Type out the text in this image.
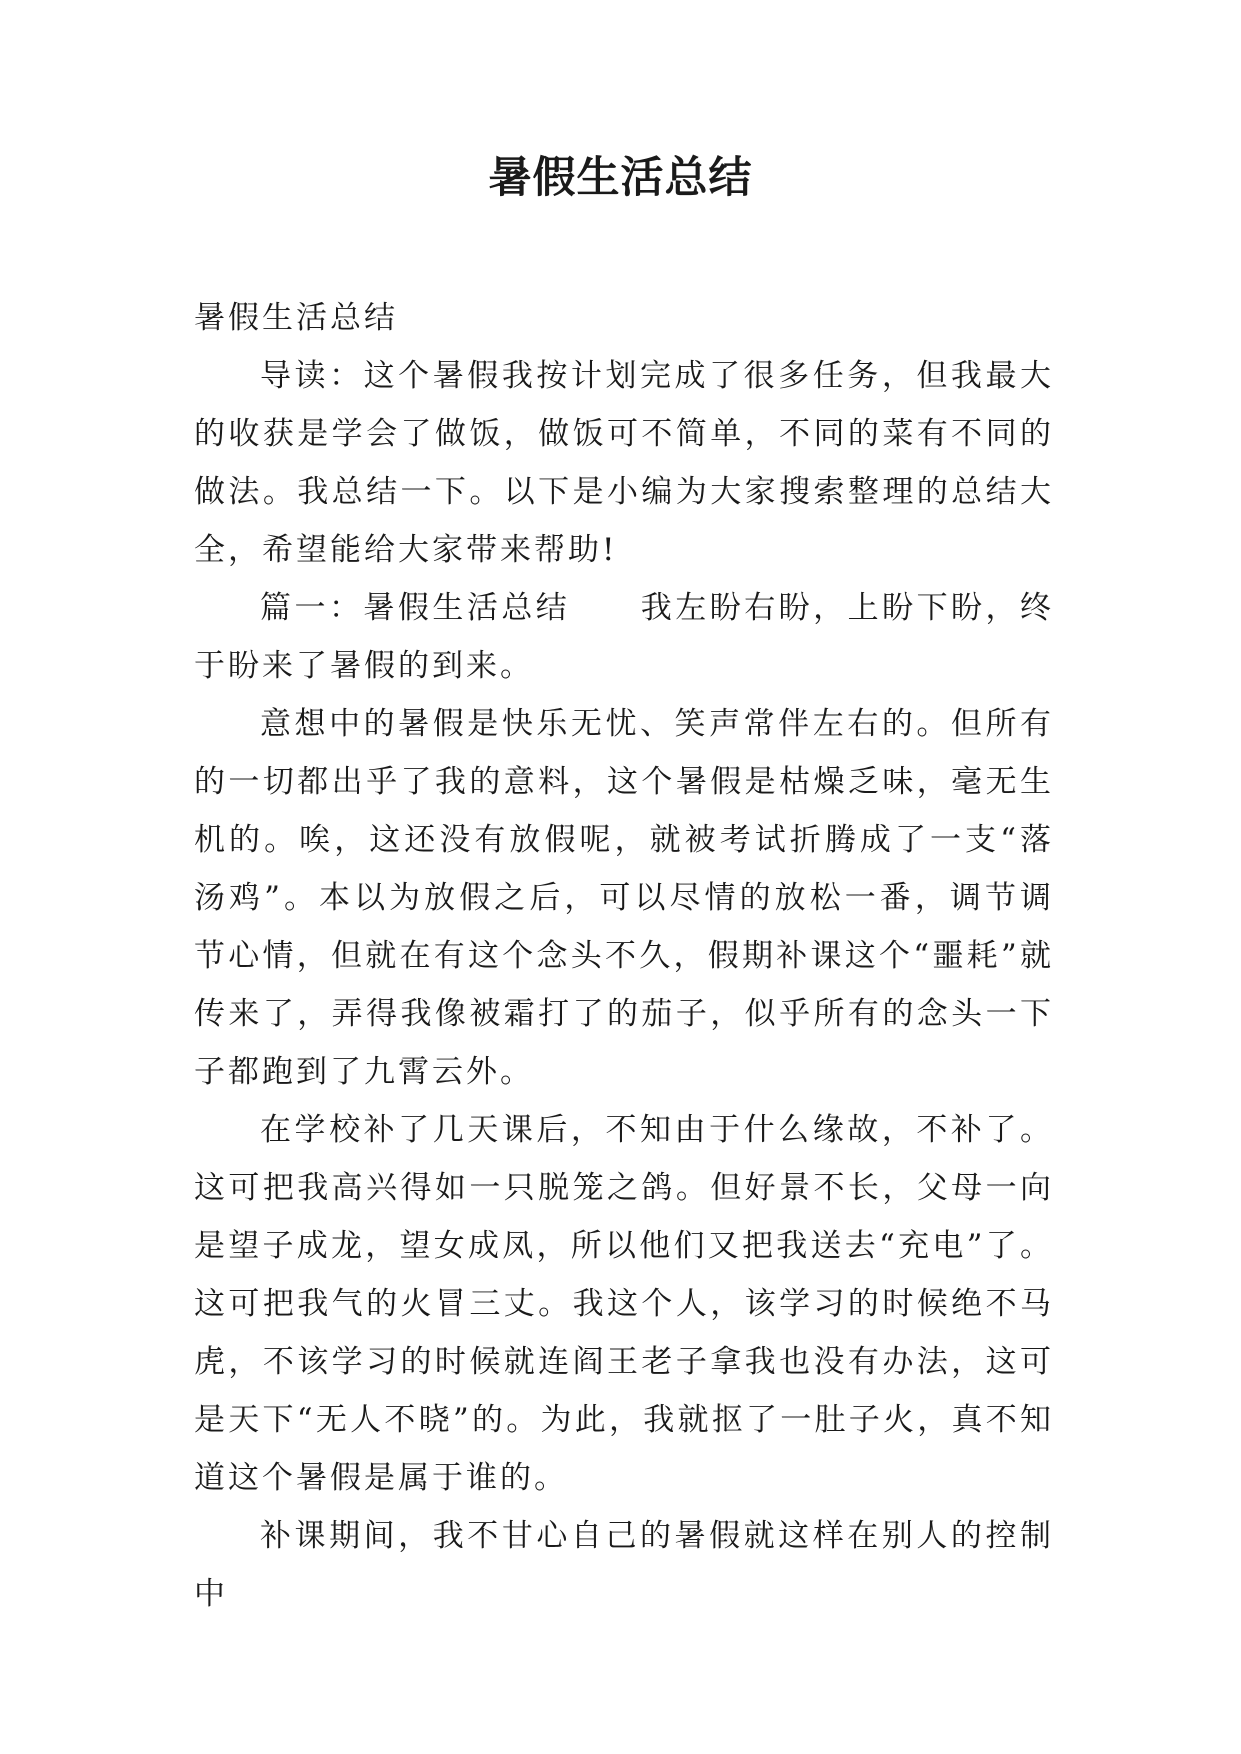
暑假生活总结

暑假生活总结

导读：这个暑假我按计划完成了很多任务，但我最大的收获是学会了做饭，做饭可不简单，不同的菜有不同的做法。我总结一下。以下是小编为大家搜索整理的总结大全，希望能给大家带来帮助!

篇一：暑假生活总结 我左盼右盼，上盼下盼，终于盼来了暑假的到来。

意想中的暑假是快乐无忧、笑声常伴左右的。但所有的一切都出乎了我的意料，这个暑假是枯燥乏味，毫无生机的。唉，这还没有放假呢，就被考试折腾成了一支“落汤鸡”。本以为放假之后，可以尽情的放松一番，调节调节心情，但就在有这个念头不久，假期补课这个“噩耗”就传来了，弄得我像被霜打了的茄子，似乎所有的念头一下子都跑到了九霄云外。

在学校补了几天课后，不知由于什么缘故，不补了。这可把我高兴得如一只脱笼之鸽。但好景不长，父母一向是望子成龙，望女成凤，所以他们又把我送去“充电”了。这可把我气的火冒三丈。我这个人，该学习的时候绝不马虎，不该学习的时候就连阎王老子拿我也没有办法，这可是天下“无人不晓”的。为此，我就抠了一肚子火，真不知道这个暑假是属于谁的。

补课期间，我不甘心自己的暑假就这样在别人的控制中
